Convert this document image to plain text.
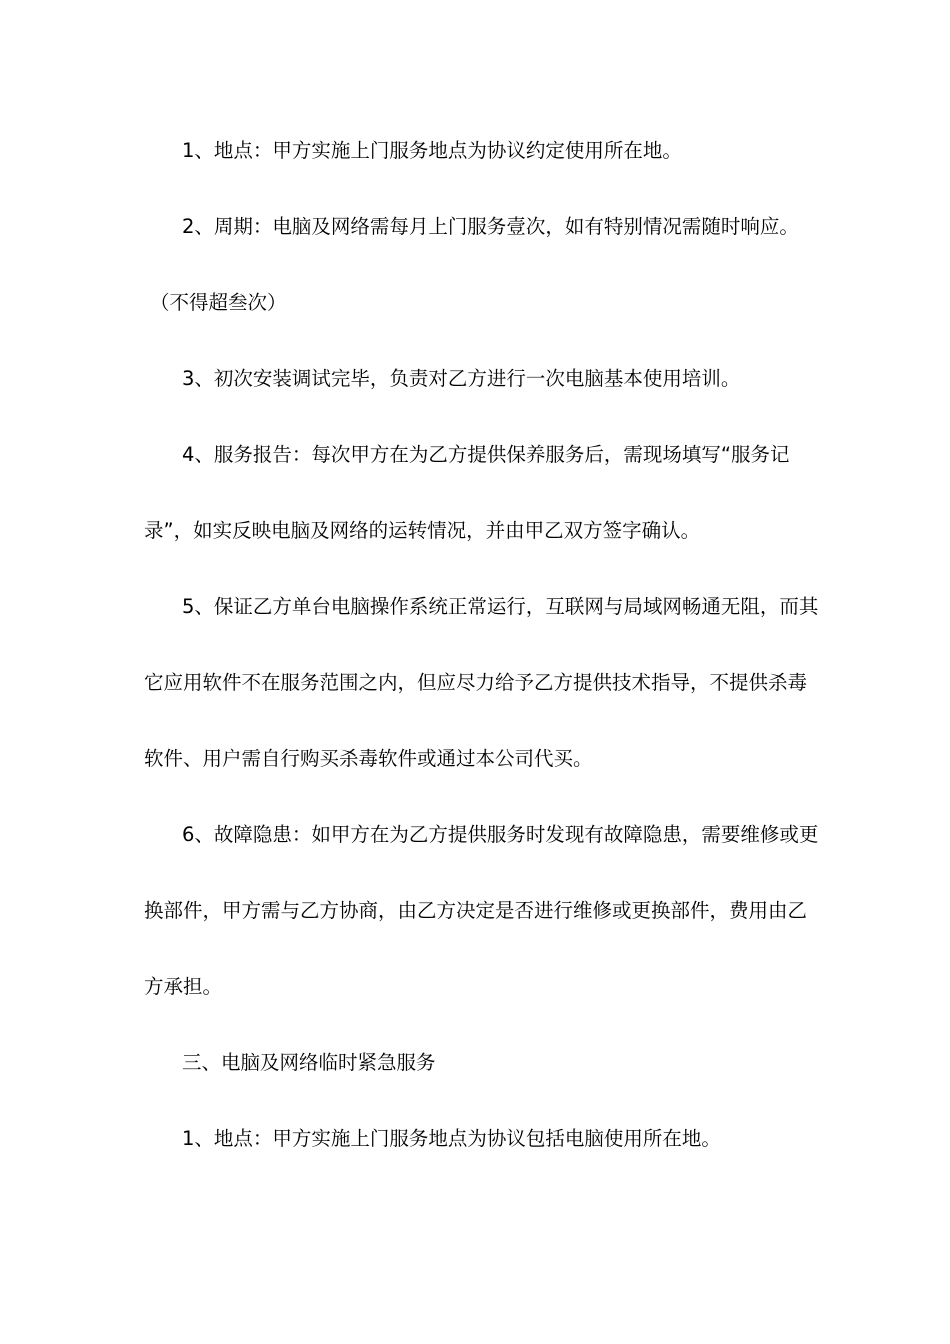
1、地点：甲方实施上门服务地点为协议约定使用所在地。
2、周期：电脑及网络需每月上门服务壹次，如有特别情况需随时响应。
（不得超叁次）
3、初次安装调试完毕，负责对乙方进行一次电脑基本使用培训。
4、服务报告：每次甲方在为乙方提供保养服务后，需现场填写“服务记
录”，如实反映电脑及网络的运转情况，并由甲乙双方签字确认。
5、保证乙方单台电脑操作系统正常运行，互联网与局域网畅通无阻，而其
它应用软件不在服务范围之内，但应尽力给予乙方提供技术指导，不提供杀毒
软件、用户需自行购买杀毒软件或通过本公司代买。
6、故障隐患：如甲方在为乙方提供服务时发现有故障隐患，需要维修或更
换部件，甲方需与乙方协商，由乙方决定是否进行维修或更换部件，费用由乙
方承担。
三、电脑及网络临时紧急服务
1、地点：甲方实施上门服务地点为协议包括电脑使用所在地。
